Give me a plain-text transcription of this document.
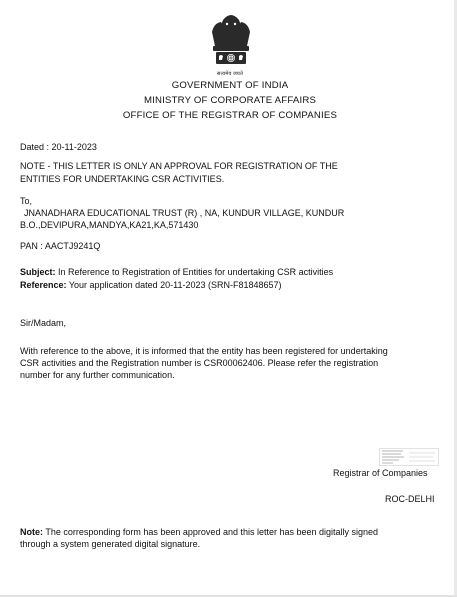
सत्यमेव जयते
GOVERNMENT OF INDIA
MINISTRY OF CORPORATE AFFAIRS
OFFICE OF THE REGISTRAR OF COMPANIES
Dated : 20-11-2023
NOTE - THIS LETTER IS ONLY AN APPROVAL FOR REGISTRATION OF THE
ENTITIES FOR UNDERTAKING CSR ACTIVITIES.
To,
JNANADHARA EDUCATIONAL TRUST (R) , NA, KUNDUR VILLAGE, KUNDUR
B.O.,DEVIPURA,MANDYA,KA21,KA,571430
PAN : AACTJ9241Q
Subject: In Reference to Registration of Entities for undertaking CSR activities
Reference: Your application dated 20-11-2023 (SRN-F81848657)
Sir/Madam,
With reference to the above, it is informed that the entity has been registered for undertaking
CSR activities and the Registration number is CSR00062406. Please refer the registration
number for any further communication.
Registrar of Companies
ROC-DELHI
Note: The corresponding form has been approved and this letter has been digitally signed
through a system generated digital signature.
